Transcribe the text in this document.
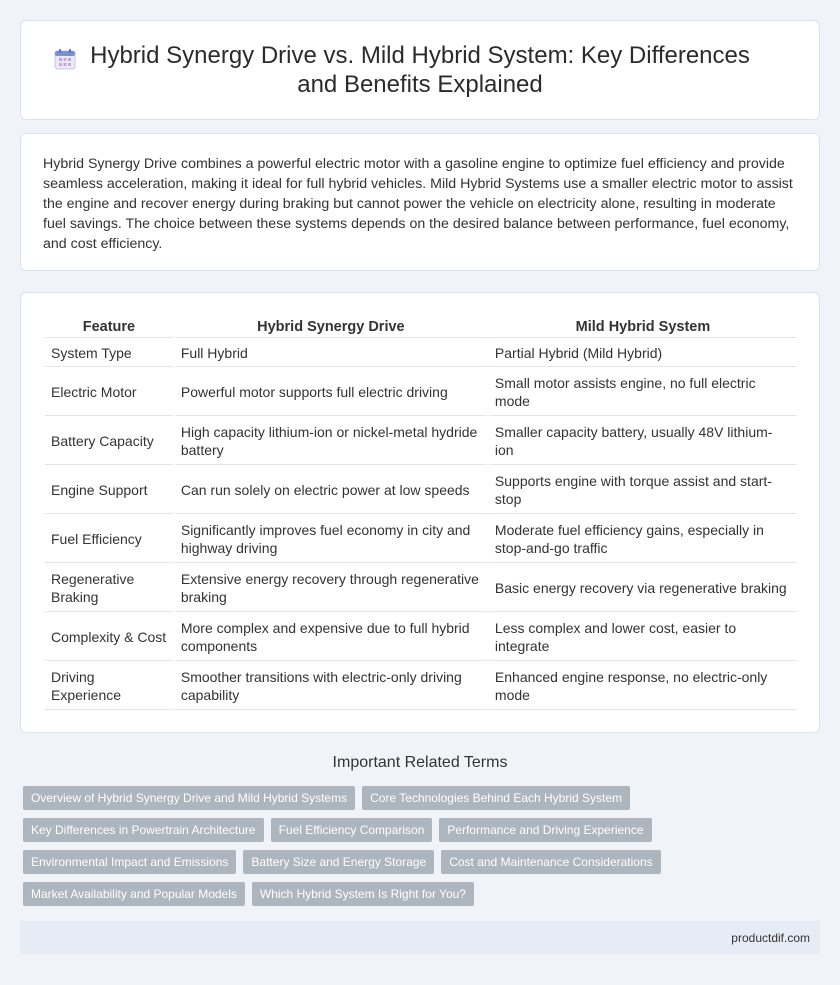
Hybrid Synergy Drive vs. Mild Hybrid System: Key Differences and Benefits Explained

Hybrid Synergy Drive combines a powerful electric motor with a gasoline engine to optimize fuel efficiency and provide seamless acceleration, making it ideal for full hybrid vehicles. Mild Hybrid Systems use a smaller electric motor to assist the engine and recover energy during braking but cannot power the vehicle on electricity alone, resulting in moderate fuel savings. The choice between these systems depends on the desired balance between performance, fuel economy, and cost efficiency.

Feature	Hybrid Synergy Drive	Mild Hybrid System
System Type	Full Hybrid	Partial Hybrid (Mild Hybrid)
Electric Motor	Powerful motor supports full electric driving	Small motor assists engine, no full electric mode
Battery Capacity	High capacity lithium-ion or nickel-metal hydride battery	Smaller capacity battery, usually 48V lithium-ion
Engine Support	Can run solely on electric power at low speeds	Supports engine with torque assist and start-stop
Fuel Efficiency	Significantly improves fuel economy in city and highway driving	Moderate fuel efficiency gains, especially in stop-and-go traffic
Regenerative Braking	Extensive energy recovery through regenerative braking	Basic energy recovery via regenerative braking
Complexity & Cost	More complex and expensive due to full hybrid components	Less complex and lower cost, easier to integrate
Driving Experience	Smoother transitions with electric-only driving capability	Enhanced engine response, no electric-only mode
Important Related Terms
Overview of Hybrid Synergy Drive and Mild Hybrid Systems	Core Technologies Behind Each Hybrid System
Key Differences in Powertrain Architecture	Fuel Efficiency Comparison	Performance and Driving Experience
Environmental Impact and Emissions	Battery Size and Energy Storage	Cost and Maintenance Considerations
Market Availability and Popular Models	Which Hybrid System Is Right for You?
productdif.com
